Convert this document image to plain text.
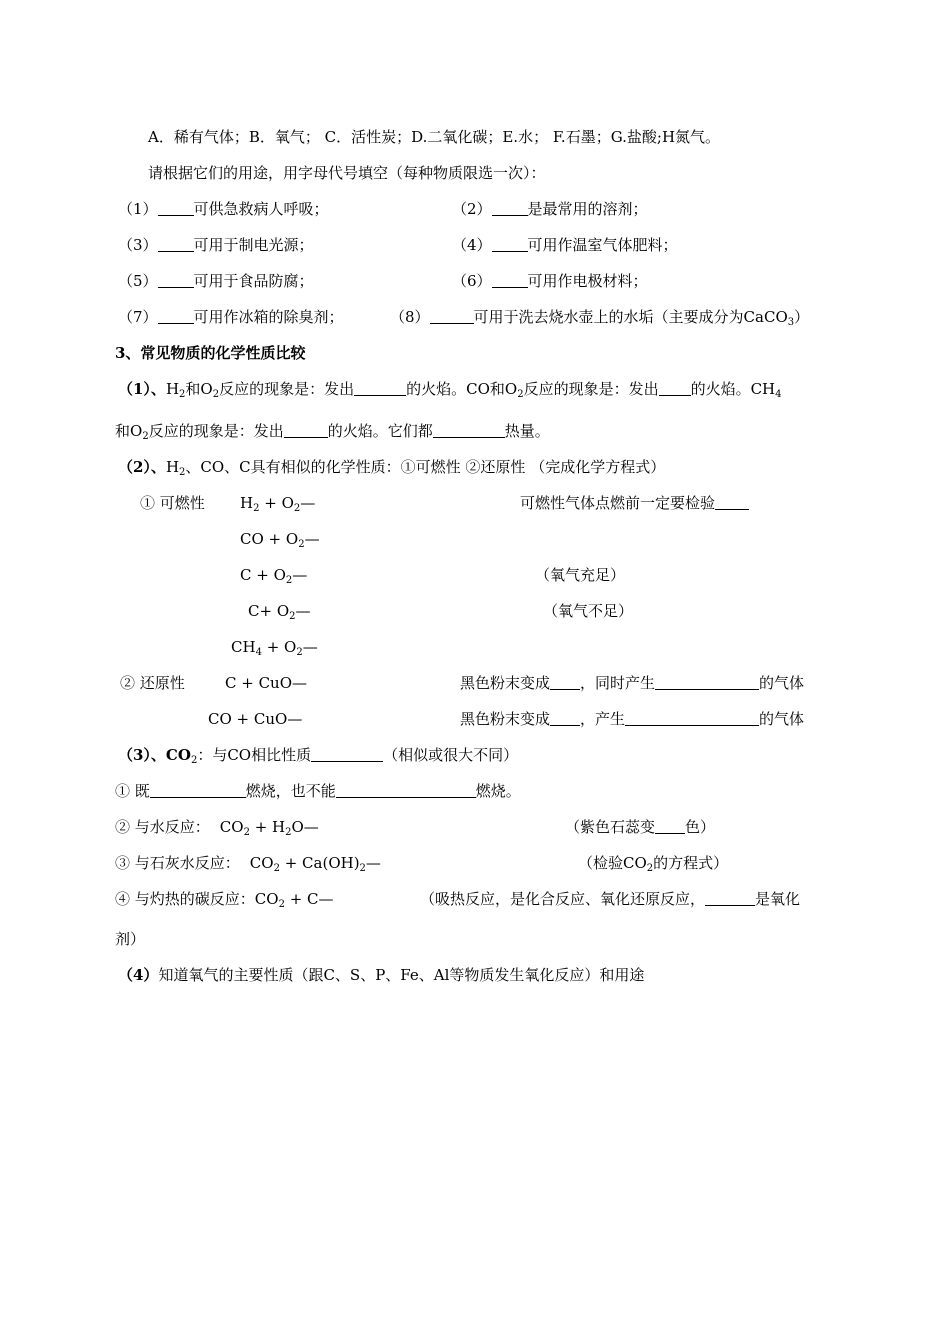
A．稀有气体；B．氧气； C．活性炭；D.二氧化碳；E.水； F.石墨；G.盐酸;H氮气。
请根据它们的用途，用字母代号填空（每种物质限选一次）：
（1） 可供急救病人呼吸；	（2） 是最常用的溶剂；
（3） 可用于制电光源；	（4） 可用作温室气体肥料；
（5） 可用于食品防腐；	（6） 可用作电极材料；
（7） 可用作冰箱的除臭剂；	（8）	可用于洗去烧水壶上的水垢（主要成分为CaCO$_3$）
3、常见物质的化学性质比较
（1）、$H_2$和$O_2$反应的现象是：发出	的火焰。CO和$O_2$反应的现象是：发出 的火焰。$CH_4$
和$O_2$反应的现象是：发出	的火焰。它们都	热量。
（2）、$H_2$、CO、C具有相似的化学性质：①可燃性 ②还原性 （完成化学方程式）
① 可燃性 $H_2$ + $O_2—$	可燃性气体点燃前一定要检验
CO + $O_2—$
$C + O_2—$	（氧气充足）
$C+ O_2—$	（氧气不足）
$CH_4$ + $O_2—$
② 还原性	C + CuO—	黑色粉末变成 ，同时产生	的气体
CO + CuO—	黑色粉末变成 ，产生	的气体
（3）、$CO_2$：与CO相比性质	（相似或很大不同）
① 既	燃烧，也不能	燃烧。
② 与水反应： $CO_2$ + $H_2O—$	（紫色石蕊变 色）
③ 与石灰水反应： $CO_2$ + $Ca(OH)_2—$	（检验$CO_2$的方程式）
④ 与灼热的碳反应：$CO_2$ + C—	（吸热反应，是化合反应、氧化还原反应，	是氧化
剂）
（4）知道氧气的主要性质（跟C、S、P、Fe、Al等物质发生氧化反应）和用途
